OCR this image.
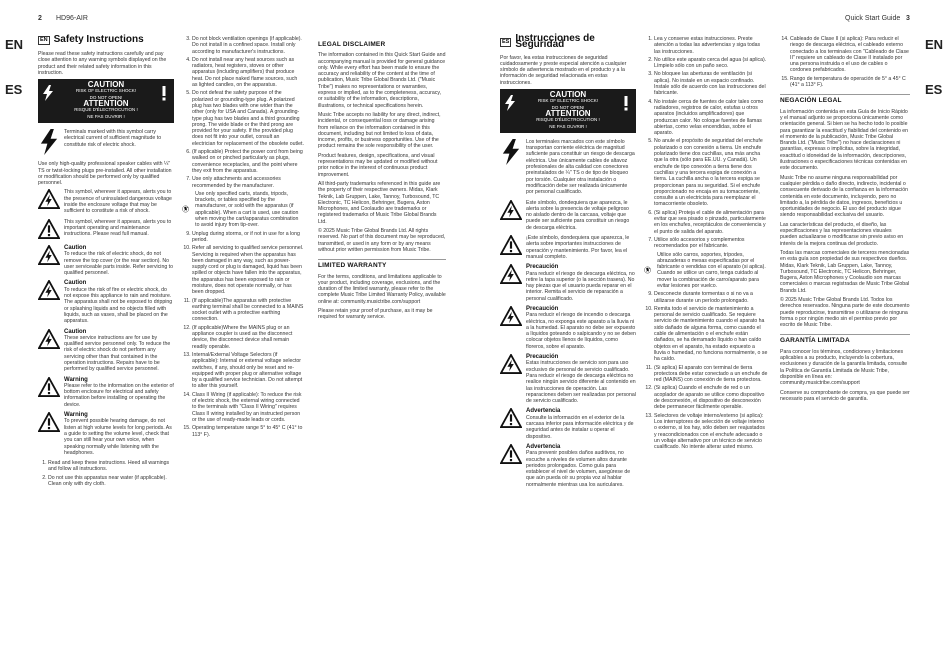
2 HD96-AIR	Quick Start Guide 3
EN
ES
EN
ES
EN Safety Instructions

Please read these safety instructions carefully and pay close attention to any warning symbols displayed on the product and their related safety information in this instruction.

CAUTION
RISK OF ELECTRIC SHOCK!
DO NOT OPEN!
ATTENTION
RISQUE D'ÉLECTROCUTION !
NE PAS OUVRIR !
Terminals marked with this symbol carry electrical current of sufficient magnitude to constitute risk of electric shock.

Use only high-quality professional speaker cables with ¼" TS or twist-locking plugs pre-installed. All other installation or modification should be performed only by qualified personnel.

This symbol, wherever it appears, alerts you to the presence of uninsulated dangerous voltage inside the enclosure voltage that may be sufficient to constitute a risk of shock.
This symbol, wherever it appears, alerts you to important operating and maintenance instructions. Please read full manual.
Caution
To reduce the risk of electric shock, do not remove the top cover (or the rear section). No user serviceable parts inside. Refer servicing to qualified personnel.
Caution
To reduce the risk of fire or electric shock, do not expose this appliance to rain and moisture. The apparatus shall not be exposed to dripping or splashing liquids and no objects filled with liquids, such as vases, shall be placed on the apparatus.
Caution
These service instructions are for use by qualified service personnel only. To reduce the risk of electric shock do not perform any servicing other than that contained in the operation instructions. Repairs have to be performed by qualified service personnel.
Warning
Please refer to the information on the exterior of bottom enclosure for electrical and safety information before installing or operating the device.
Warning
To prevent possible hearing damage, do not listen at high volume levels for long periods. As a guide to setting the volume level, check that you can still hear your own voice, when speaking normally while listening with the headphones.
1. Read and keep these instructions. Heed all warnings and follow all instructions.
2. Do not use this apparatus near water (if applicable). Clean only with dry cloth.
3. Do not block ventilation openings (if applicable). Do not install in a confined space. Install only according to manufacturer's instructions.
4. Do not install near any heat sources such as radiators, heat registers, stoves or other apparatus (including amplifiers) that produce heat. Do not place naked flame sources, such as lighted candles, on the apparatus.
5. Do not defeat the safety purpose of the polarized or grounding-type plug. A polarized plug has two blades with one wider than the other (only for USA and Canada). A grounding-type plug has two blades and a third grounding prong. The wide blade or the third prong are provided for your safety. If the provided plug does not fit into your outlet, consult an electrician for replacement of the obsolete outlet.
6. (If applicable) Protect the power cord from being walked on or pinched particularly as plugs, convenience receptacles, and the point where they exit from the apparatus.
7. Use only attachments and accessories recommended by the manufacturer.
Use only specified carts, stands, tripods, brackets, or tables specified by the manufacturer, or sold with the apparatus (if applicable). When a cart is used, use caution when moving the cart/apparatus combination to avoid injury from tip-over.
9. Unplug during storms, or if not in use for a long period.
10. Refer all servicing to qualified service personnel. Servicing is required when the apparatus has been damaged in any way, such as power-supply cord or plug is damaged, liquid has been spilled or objects have fallen into the apparatus, the apparatus has been exposed to rain or moisture, does not operate normally, or has been dropped.
11. (If applicable)The apparatus with protective earthing terminal shall be connected to a MAINS socket outlet with a protective earthing connection.
12. (If applicable)Where the MAINS plug or an appliance coupler is used as the disconnect device, the disconnect device shall remain readily operable.
13. Internal/External Voltage Selectors (if applicable): Internal or external voltage selector switches, if any, should only be reset and re-equipped with proper plug or alternative voltage by a qualified service technician. Do not attempt to alter this yourself.
14. Class II Wiring (if applicable): To reduce the risk of electric shock, the external wiring connected to the terminals with "Class II Wiring" requires Class II wiring installed by an instructed person or the use of ready-made leads or cords.
15. Operating temperature range 5° to 45° C (41° to 113° F).
LEGAL DISCLAIMER

The information contained in this Quick Start Guide and accompanying manual is provided for general guidance only. While every effort has been made to ensure the accuracy and reliability of the content at the time of publication, Music Tribe Global Brands Ltd. ("Music Tribe") makes no representations or warranties, express or implied, as to the completeness, accuracy, or suitability of the information, descriptions, illustrations, or technical specifications herein.

Music Tribe accepts no liability for any direct, indirect, incidental, or consequential loss or damage arising from reliance on the information contained in this document, including but not limited to loss of data, income, profits, or business opportunities. Use of the product remains the sole responsibility of the user.

Product features, design, specifications, and visual representations may be updated or modified without prior notice in the interest of continuous product improvement.

All third-party trademarks referenced in this guide are the property of their respective owners. Midas, Klark Teknik, Lab Gruppen, Lake, Tannoy, Turbosound, TC Electronic, TC Helicon, Behringer, Bugera, Aston Microphones, and Coolaudio are trademarks or registered trademarks of Music Tribe Global Brands Ltd.

© 2025 Music Tribe Global Brands Ltd. All rights reserved. No part of this document may be reproduced, transmitted, or used in any form or by any means without prior written permission from Music Tribe.

LIMITED WARRANTY

For the terms, conditions, and limitations applicable to your product, including coverage, exclusions, and the duration of the limited warranty, please refer to the complete Music Tribe Limited Warranty Policy, available online at: community.musictribe.com/support

Please retain your proof of purchase, as it may be required for warranty service.

ES Instrucciones de Seguridad

Por favor, lea estas instrucciones de seguridad cuidadosamente y preste especial atención a cualquier símbolo de advertencia mostrado en el producto y a la información de seguridad relacionada en estas instrucciones.

CAUTION
RISK OF ELECTRIC SHOCK!
DO NOT OPEN!
ATTENTION
RISQUE D'ÉLECTROCUTION !
NE PAS OUVRIR !
Los terminales marcados con este símbolo transportan corriente eléctrica de magnitud suficiente para constituir un riesgo de descarga eléctrica. Use únicamente cables de altavoz profesionales de alta calidad con conectores preinstalados de ¼" TS o de tipo de bloqueo por torsión. Cualquier otra instalación o modificación debe ser realizada únicamente por personal cualificado.
Este símbolo, dondequiera que aparezca, le alerta sobre la presencia de voltaje peligroso no aislado dentro de la carcasa, voltaje que puede ser suficiente para constituir un riesgo de descarga eléctrica.
¡Este símbolo, dondequiera que aparezca, le alerta sobre importantes instrucciones de operación y mantenimiento. Por favor, lea el manual completo.
Precaución
Para reducir el riesgo de descarga eléctrica, no retire la tapa superior (o la sección trasera). No hay piezas que el usuario pueda reparar en el interior. Remita el servicio de reparación a personal cualificado.
Precaución
Para reducir el riesgo de incendio o descarga eléctrica, no exponga este aparato a la lluvia ni a la humedad. El aparato no debe ser expuesto a líquidos goteando o salpicando y no se deben colocar objetos llenos de líquidos, como floreros, sobre el aparato.
Precaución
Estas instrucciones de servicio son para uso exclusivo de personal de servicio cualificado. Para reducir el riesgo de descarga eléctrica no realice ningún servicio diferente al contenido en las instrucciones de operación. Las reparaciones deben ser realizadas por personal de servicio cualificado.
Advertencia
Consulte la información en el exterior de la carcasa inferior para información eléctrica y de seguridad antes de instalar u operar el dispositivo.
Advertencia
Para prevenir posibles daños auditivos, no escuche a niveles de volumen altos durante periodos prolongados. Como guía para establecer el nivel de volumen, asegúrese de que aún pueda oír su propia voz al hablar normalmente mientras usa los auriculares.
1. Lea y conserve estas instrucciones. Preste atención a todas las advertencias y siga todas las instrucciones.
2. No utilice este aparato cerca del agua (si aplica). Límpielo sólo con un paño seco.
3. No bloquee las aberturas de ventilación (si aplica). No instale en un espacio confinado. Instale sólo de acuerdo con las instrucciones del fabricante.
4. No instale cerca de fuentes de calor tales como radiadores, registros de calor, estufas u otros aparatos (incluidos amplificadores) que produzcan calor. No coloque fuentes de llamas abiertas, como velas encendidas, sobre el aparato.
5. No anule el propósito de seguridad del enchufe polarizado o con conexión a tierra. Un enchufe polarizado tiene dos cuchillas, una más ancha que la otra (sólo para EE.UU. y Canadá). Un enchufe de tipo conexión a tierra tiene dos cuchillas y una tercera espiga de conexión a tierra. La cuchilla ancha o la tercera espiga se proporcionan para su seguridad. Si el enchufe proporcionado no encaja en su tomacorriente, consulte a un electricista para reemplazar el tomacorriente obsoleto.
6. (Si aplica) Proteja el cable de alimentación para evitar que sea pisado o pinzado, particularmente en los enchufes, receptáculos de conveniencia y el punto de salida del aparato.
7. Utilice sólo accesorios y complementos recomendados por el fabricante.
Utilice sólo carros, soportes, trípodes, abrazaderas o mesas especificadas por el fabricante o vendidas con el aparato (si aplica). Cuando se utilice un carro, tenga cuidado al mover la combinación de carro/aparato para evitar lesiones por vuelco.
9. Desconecte durante tormentas o si no va a utilizarse durante un período prolongado.
10. Remita todo el servicio de mantenimiento a personal de servicio cualificado. Se requiere servicio de mantenimiento cuando el aparato ha sido dañado de alguna forma, como cuando el cable de alimentación o el enchufe están dañados, se ha derramado líquido o han caído objetos en el aparato, ha estado expuesto a lluvia o humedad, no funciona normalmente, o se ha caído.
11. (Si aplica) El aparato con terminal de tierra protectora debe estar conectado a un enchufe de red (MAINS) con conexión de tierra protectora.
12. (Si aplica) Cuando el enchufe de red o un acoplador de aparato se utilice como dispositivo de desconexión, el dispositivo de desconexión debe permanecer fácilmente operable.
13. Selectores de voltaje interno/externo (si aplica): Los interruptores de selección de voltaje interno o externo, si los hay, sólo deben ser reajustados y reacondicionados con el enchufe adecuado o un voltaje alternativo por un técnico de servicio cualificado. No intente alterar usted mismo.
14. Cableado de Clase II (si aplica): Para reducir el riesgo de descarga eléctrica, el cableado externo conectado a los terminales con "Cableado de Clase II" requiere un cableado de Clase II instalado por una persona instruida o el uso de cables o cordones prefabricados.
15. Rango de temperatura de operación de 5° a 45° C (41° a 113° F).
NEGACIÓN LEGAL

La información contenida en esta Guía de Inicio Rápido y el manual adjunto se proporciona únicamente como orientación general. Si bien se ha hecho todo lo posible para garantizar la exactitud y fiabilidad del contenido en el momento de la publicación, Music Tribe Global Brands Ltd. ("Music Tribe") no hace declaraciones ni garantías, expresas o implícitas, sobre la integridad, exactitud o idoneidad de la información, descripciones, ilustraciones o especificaciones técnicas contenidas en este documento.

Music Tribe no asume ninguna responsabilidad por cualquier pérdida o daño directo, indirecto, incidental o consecuente derivado de la confianza en la información contenida en este documento, incluyendo, pero no limitado a, la pérdida de datos, ingresos, beneficios u oportunidades de negocio. El uso del producto sigue siendo responsabilidad exclusiva del usuario.

Las características del producto, el diseño, las especificaciones y las representaciones visuales pueden actualizarse o modificarse sin previo aviso en interés de la mejora continua del producto.

Todas las marcas comerciales de terceros mencionadas en esta guía son propiedad de sus respectivos dueños. Midas, Klark Teknik, Lab Gruppen, Lake, Tannoy, Turbosound, TC Electronic, TC Helicon, Behringer, Bugera, Aston Microphones y Coolaudio son marcas comerciales o marcas registradas de Music Tribe Global Brands Ltd.

© 2025 Music Tribe Global Brands Ltd. Todos los derechos reservados. Ninguna parte de este documento puede reproducirse, transmitirse o utilizarse de ninguna forma o por ningún medio sin el permiso previo por escrito de Music Tribe.

GARANTÍA LIMITADA

Para conocer los términos, condiciones y limitaciones aplicables a su producto, incluyendo la cobertura, exclusiones y duración de la garantía limitada, consulte la Política de Garantía Limitada de Music Tribe, disponible en línea en: community.musictribe.com/support

Conserve su comprobante de compra, ya que puede ser necesario para el servicio de garantía.
